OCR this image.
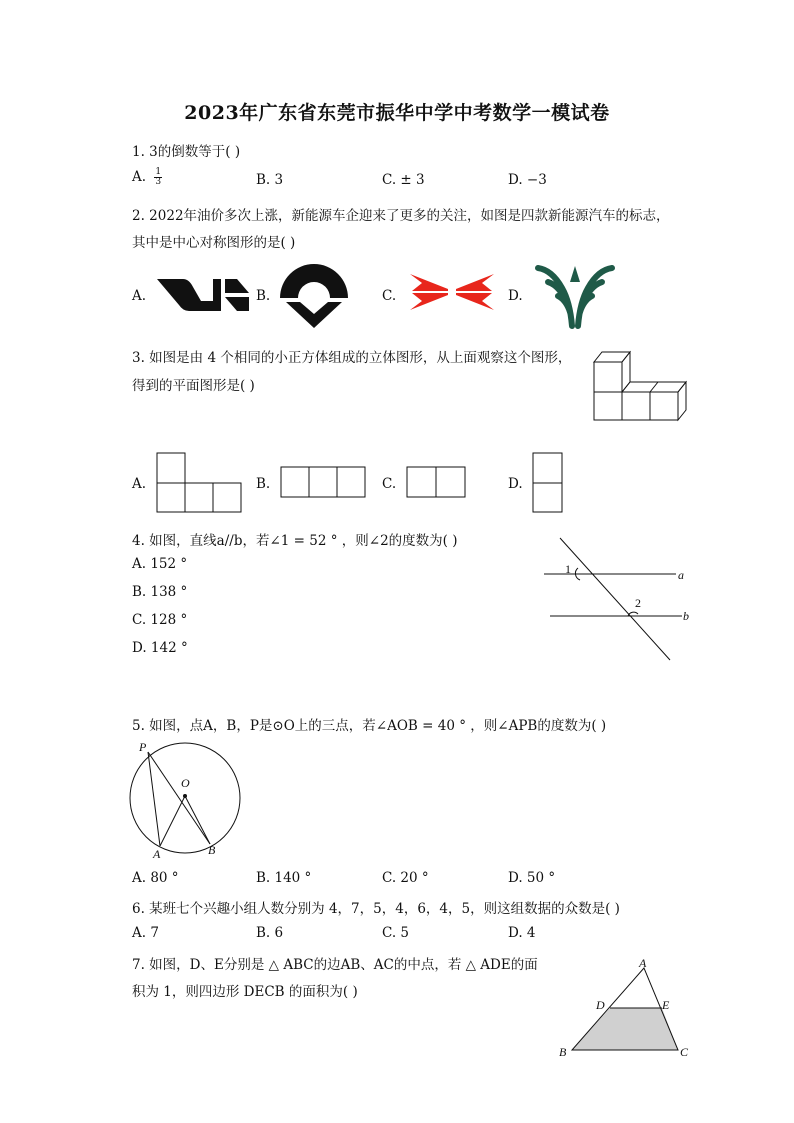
2023年广东省东莞市振华中学中考数学一模试卷
1. 3的倒数等于( )
A. $\frac{1}{3}$	B. 3	C. ± 3	D. −3
2. 2022年油价多次上涨，新能源车企迎来了更多的关注，如图是四款新能源汽车的标志，
其中是中心对称图形的是( )
A.	B.	C.	D.
3. 如图是由 4 个相同的小正方体组成的立体图形，从上面观察这个图形，
得到的平面图形是( )
A.	B.	C.	D.
4. 如图，直线a//b，若∠1 = 52 ° ，则∠2的度数为( )
A. 152 °
B. 138 °
C. 128 °
D. 142 °
1
2
a
b
5. 如图，点A，B，P是⊙O上的三点，若∠AOB = 40 ° ，则∠APB的度数为( )
P
O
A	B
A. 80 °	B. 140 °	C. 20 °	D. 50 °
6. 某班七个兴趣小组人数分别为 4，7，5，4，6，4，5，则这组数据的众数是( )
A. 7	B. 6	C. 5	D. 4
7. 如图，D、E分别是 △ ABC的边AB、AC的中点，若 △ ADE的面
积为 1，则四边形 DECB 的面积为( )
A
D	E
B	C
